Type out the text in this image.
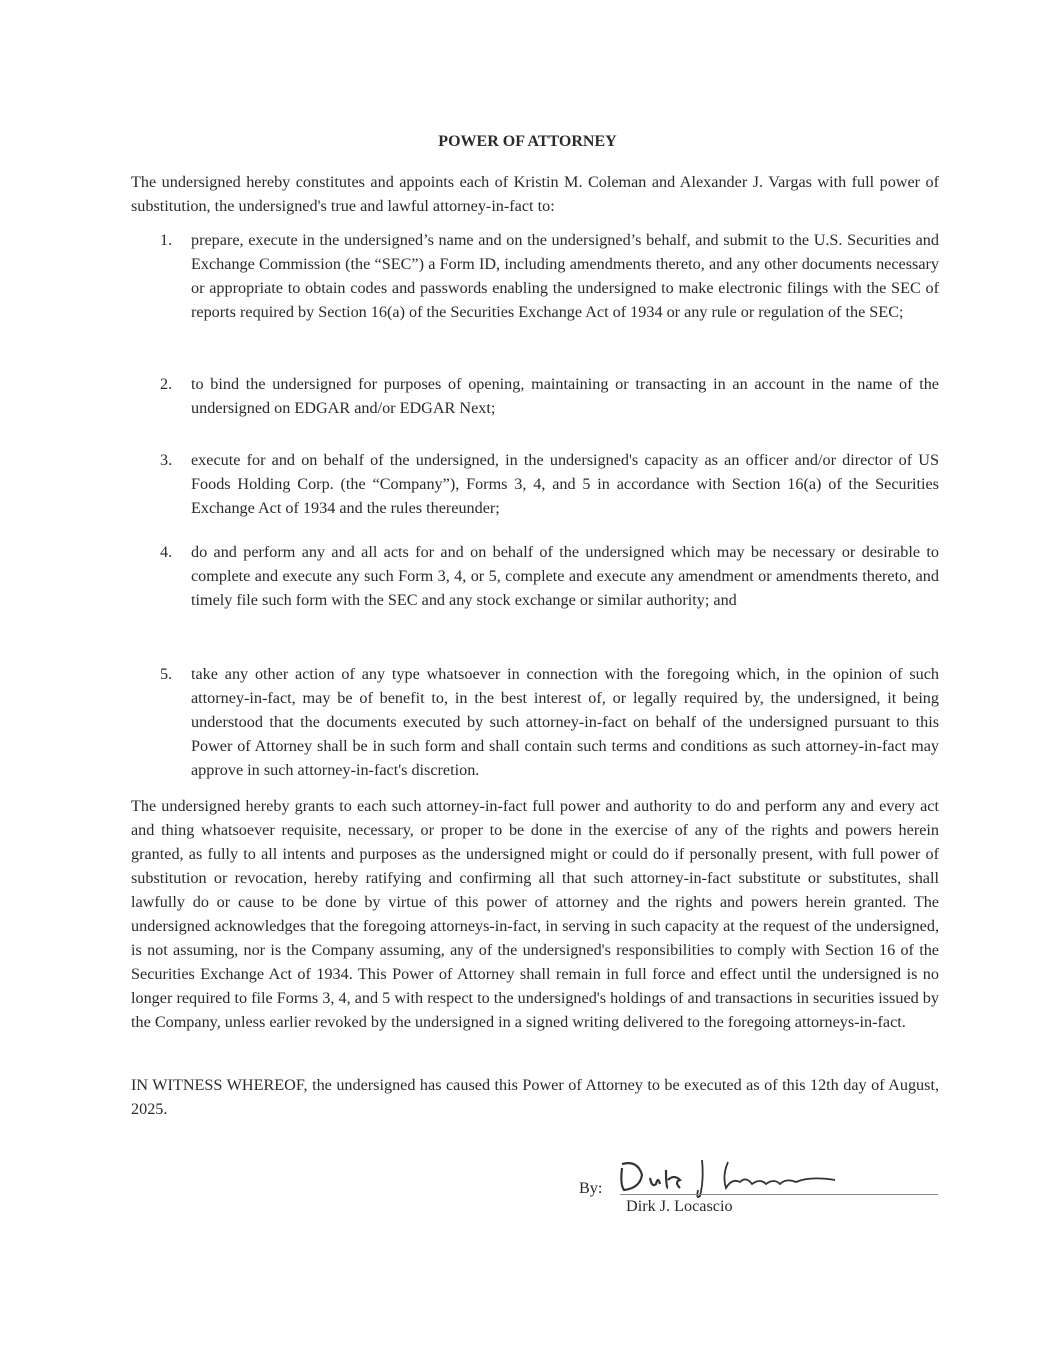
POWER OF ATTORNEY
The undersigned hereby constitutes and appoints each of Kristin M. Coleman and Alexander J. Vargas with full power of substitution, the undersigned's true and lawful attorney-in-fact to:
1. prepare, execute in the undersigned’s name and on the undersigned’s behalf, and submit to the U.S. Securities and Exchange Commission (the “SEC”) a Form ID, including amendments thereto, and any other documents necessary or appropriate to obtain codes and passwords enabling the undersigned to make electronic filings with the SEC of reports required by Section 16(a) of the Securities Exchange Act of 1934 or any rule or regulation of the SEC;
2. to bind the undersigned for purposes of opening, maintaining or transacting in an account in the name of the undersigned on EDGAR and/or EDGAR Next;
3. execute for and on behalf of the undersigned, in the undersigned's capacity as an officer and/or director of US Foods Holding Corp. (the “Company”), Forms 3, 4, and 5 in accordance with Section 16(a) of the Securities Exchange Act of 1934 and the rules thereunder;
4. do and perform any and all acts for and on behalf of the undersigned which may be necessary or desirable to complete and execute any such Form 3, 4, or 5, complete and execute any amendment or amendments thereto, and timely file such form with the SEC and any stock exchange or similar authority; and
5. take any other action of any type whatsoever in connection with the foregoing which, in the opinion of such attorney-in-fact, may be of benefit to, in the best interest of, or legally required by, the undersigned, it being understood that the documents executed by such attorney-in-fact on behalf of the undersigned pursuant to this Power of Attorney shall be in such form and shall contain such terms and conditions as such attorney-in-fact may approve in such attorney-in-fact's discretion.
The undersigned hereby grants to each such attorney-in-fact full power and authority to do and perform any and every act and thing whatsoever requisite, necessary, or proper to be done in the exercise of any of the rights and powers herein granted, as fully to all intents and purposes as the undersigned might or could do if personally present, with full power of substitution or revocation, hereby ratifying and confirming all that such attorney-in-fact substitute or substitutes, shall lawfully do or cause to be done by virtue of this power of attorney and the rights and powers herein granted. The undersigned acknowledges that the foregoing attorneys-in-fact, in serving in such capacity at the request of the undersigned, is not assuming, nor is the Company assuming, any of the undersigned's responsibilities to comply with Section 16 of the Securities Exchange Act of 1934. This Power of Attorney shall remain in full force and effect until the undersigned is no longer required to file Forms 3, 4, and 5 with respect to the undersigned's holdings of and transactions in securities issued by the Company, unless earlier revoked by the undersigned in a signed writing delivered to the foregoing attorneys-in-fact.
IN WITNESS WHEREOF, the undersigned has caused this Power of Attorney to be executed as of this 12th day of August, 2025.
By:
Dirk J. Locascio
